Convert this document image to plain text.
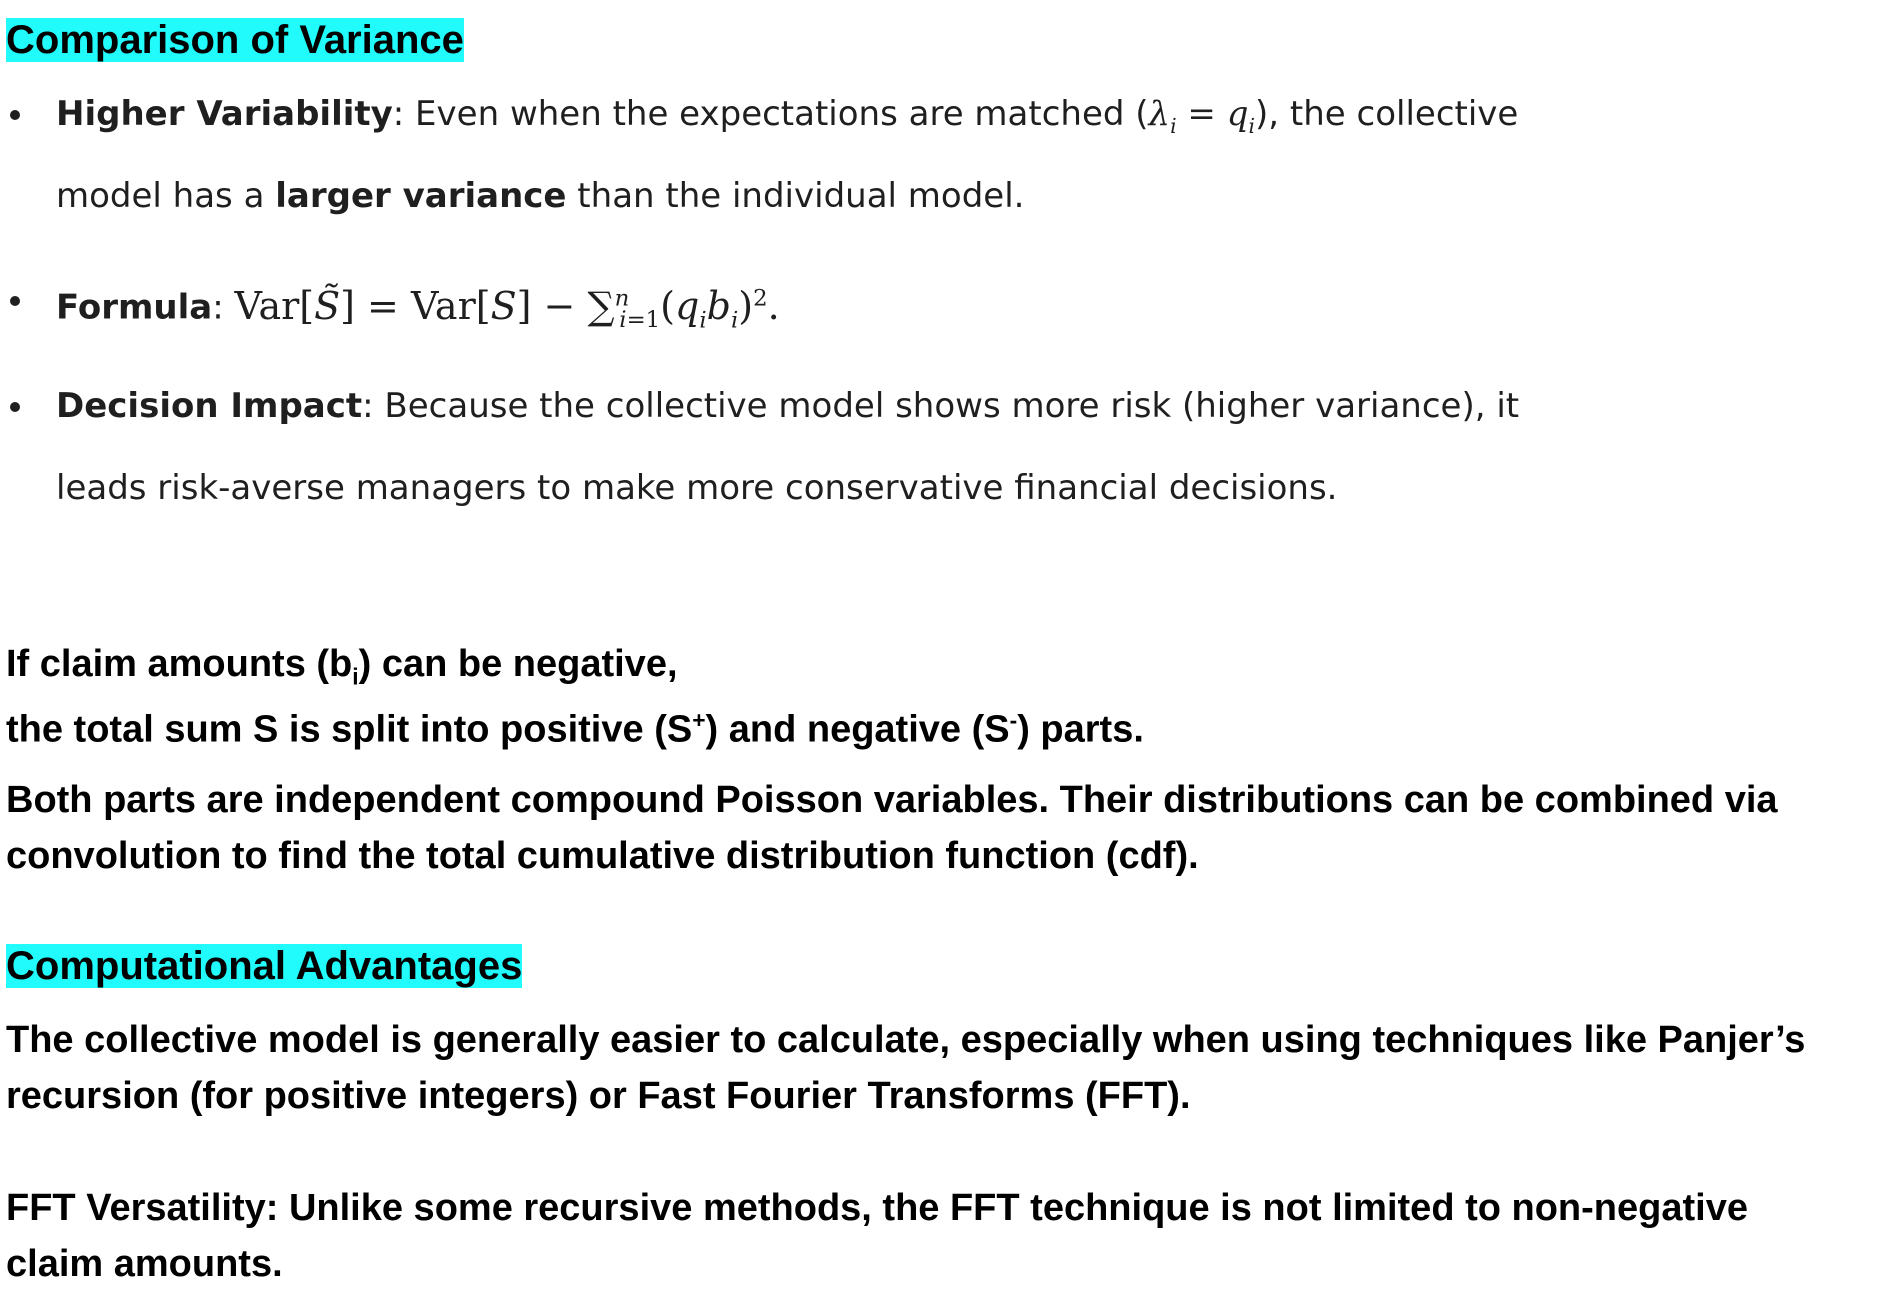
Comparison of Variance
Higher Variability: Even when the expectations are matched $(\lambda_i = q_i)$, the collective
model has a larger variance than the individual model.
Formula: Var[S̃] = $Var[S] - \sum^n_{i=1}(q_ib_i)^2$.
Decision Impact: Because the collective model shows more risk (higher variance), it
leads risk-averse managers to make more conservative financial decisions.
If claim amounts $(b_i)$ can be negative,
the total sum S is split into positive (S+) and negative (S-) parts.
Both parts are independent compound Poisson variables. Their distributions can be combined via
convolution to find the total cumulative distribution function (cdf).
Computational Advantages
The collective model is generally easier to calculate, especially when using techniques like Panjer’s
recursion (for positive integers) or Fast Fourier Transforms (FFT).
FFT Versatility: Unlike some recursive methods, the FFT technique is not limited to non-negative
claim amounts.
